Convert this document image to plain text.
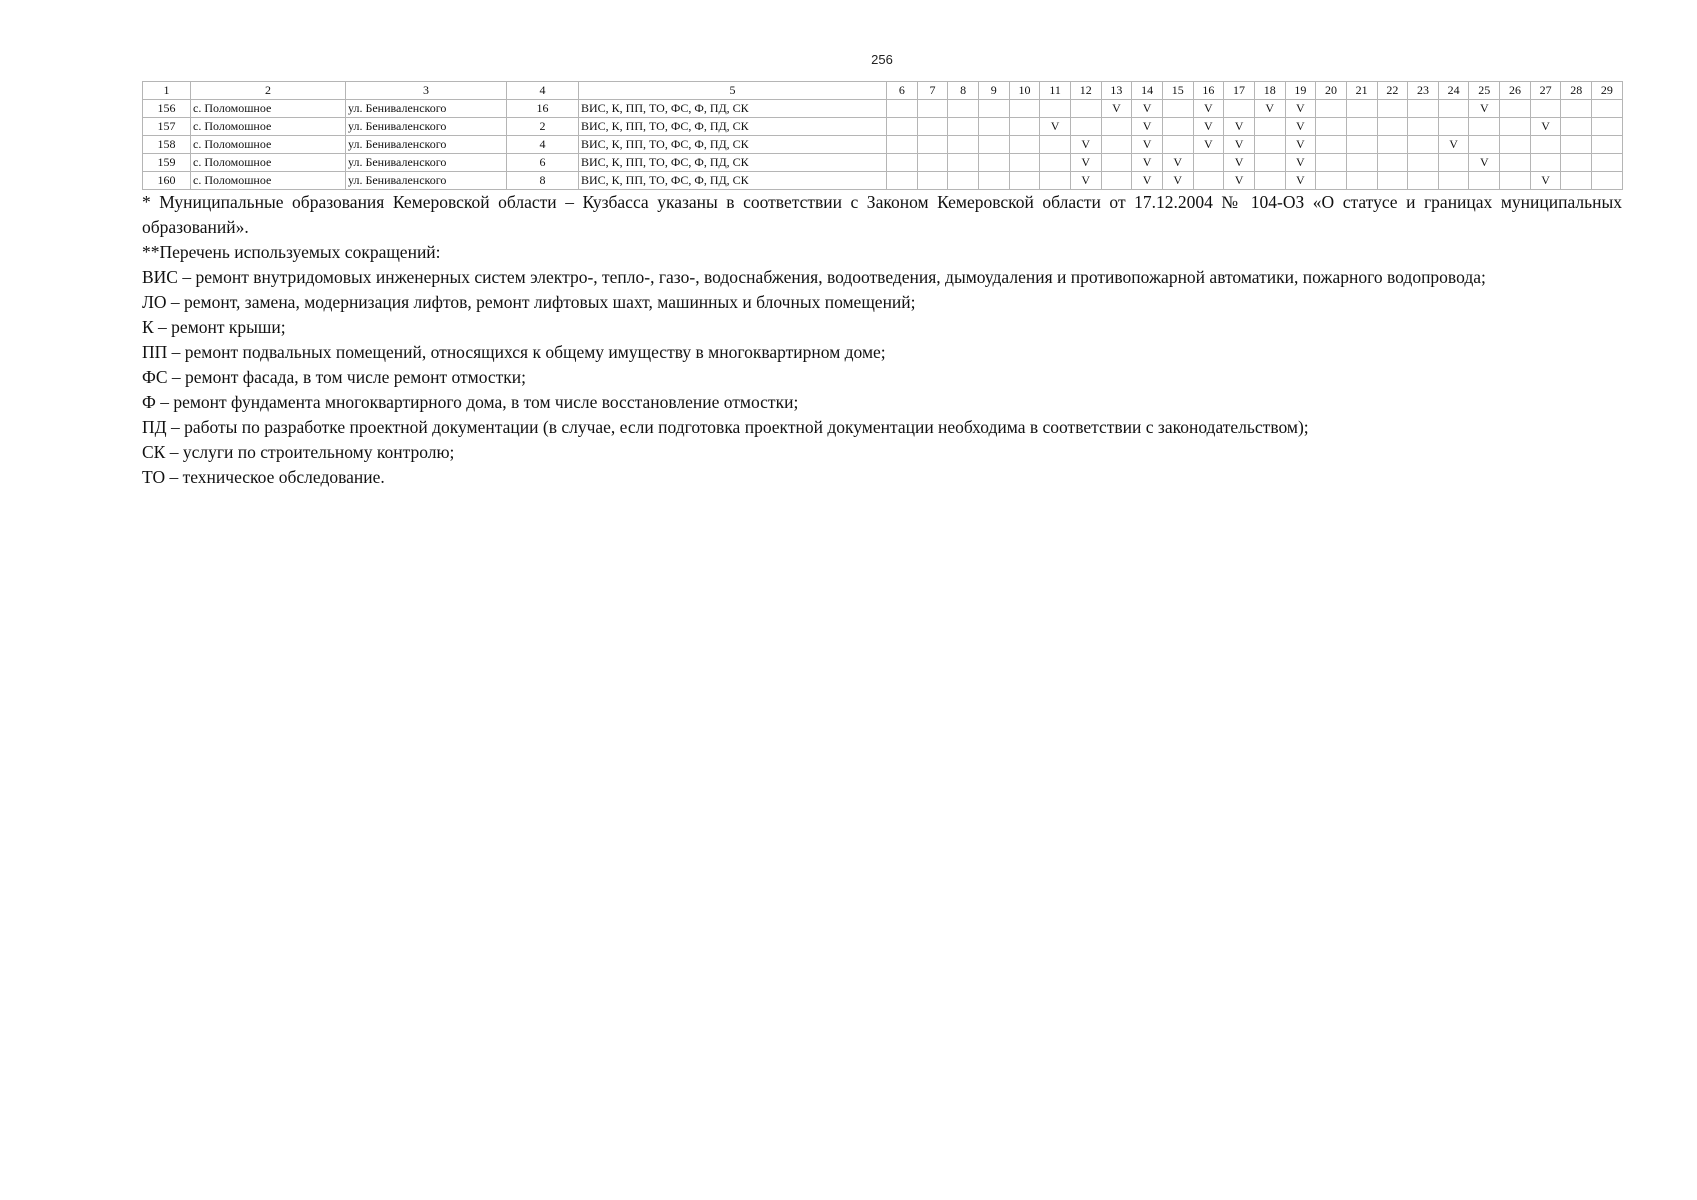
256
1	2	3	4	5	6	7	8	9	10	11	12	13	14	15	16	17	18	19	20	21	22	23	24	25	26	27	28	29
156	с. Поломошное	ул. Бениваленского	16	ВИС, К, ПП, ТО, ФС, Ф, ПД, СК								V	V		V		V	V						V				
157	с. Поломошное	ул. Бениваленского	2	ВИС, К, ПП, ТО, ФС, Ф, ПД, СК						V			V		V	V		V								V		
158	с. Поломошное	ул. Бениваленского	4	ВИС, К, ПП, ТО, ФС, Ф, ПД, СК							V		V		V	V		V					V					
159	с. Поломошное	ул. Бениваленского	6	ВИС, К, ПП, ТО, ФС, Ф, ПД, СК							V		V	V		V		V						V				
160	с. Поломошное	ул. Бениваленского	8	ВИС, К, ПП, ТО, ФС, Ф, ПД, СК							V		V	V		V		V								V		

* Муниципальные образования Кемеровской области – Кузбасса указаны в соответствии с Законом Кемеровской области от 17.12.2004 № 104-ОЗ «О статусе и границах муниципальных образований».

**Перечень используемых сокращений:

ВИС – ремонт внутридомовых инженерных систем электро-, тепло-, газо-, водоснабжения, водоотведения, дымоудаления и противопожарной автоматики, пожарного водопровода;

ЛО – ремонт, замена, модернизация лифтов, ремонт лифтовых шахт, машинных и блочных помещений;

К – ремонт крыши;

ПП – ремонт подвальных помещений, относящихся к общему имуществу в многоквартирном доме;

ФС – ремонт фасада, в том числе ремонт отмостки;

Ф – ремонт фундамента многоквартирного дома, в том числе восстановление отмостки;

ПД – работы по разработке проектной документации (в случае, если подготовка проектной документации необходима в соответствии с законодательством);

СК – услуги по строительному контролю;

ТО – техническое обследование.
